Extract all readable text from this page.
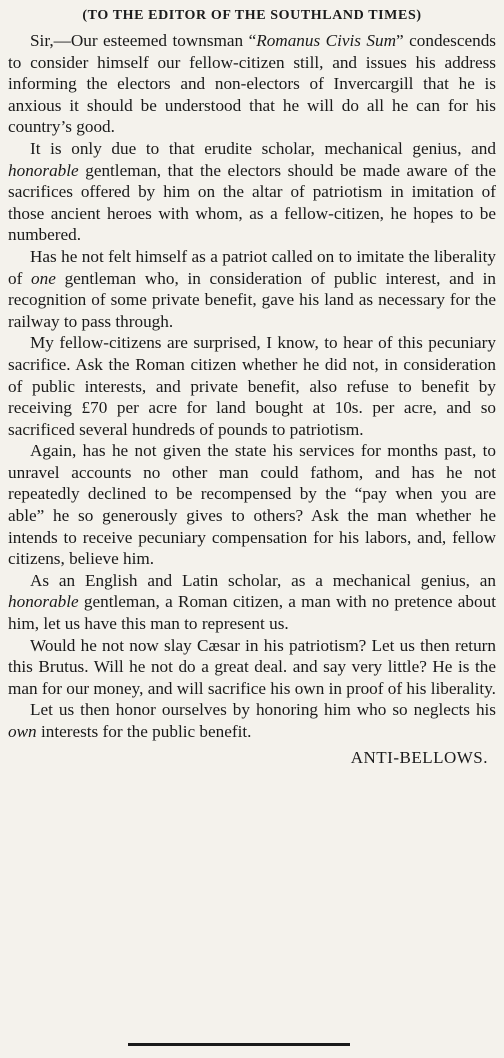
(TO THE EDITOR OF THE SOUTHLAND TIMES)

Sir,—Our esteemed townsman “Romanus Civis Sum” condescends to consider himself our fellow-citizen still, and issues his address informing the electors and non-electors of Invercargill that he is anxious it should be understood that he will do all he can for his country’s good.

It is only due to that erudite scholar, mechanical genius, and honorable gentleman, that the electors should be made aware of the sacrifices offered by him on the altar of patriotism in imitation of those ancient heroes with whom, as a fellow-citizen, he hopes to be numbered.

Has he not felt himself as a patriot called on to imitate the liberality of one gentleman who, in consideration of public interest, and in recognition of some private benefit, gave his land as necessary for the railway to pass through.

My fellow-citizens are surprised, I know, to hear of this pecuniary sacrifice. Ask the Roman citizen whether he did not, in consideration of public interests, and private benefit, also refuse to benefit by receiving £70 per acre for land bought at 10s. per acre, and so sacrificed several hundreds of pounds to patriotism.

Again, has he not given the state his services for months past, to unravel accounts no other man could fathom, and has he not repeatedly declined to be recompensed by the “pay when you are able” he so generously gives to others? Ask the man whether he intends to receive pecuniary compensation for his labors, and, fellow citizens, believe him.

As an English and Latin scholar, as a mechanical genius, an honorable gentleman, a Roman citizen, a man with no pretence about him, let us have this man to represent us.

Would he not now slay Cæsar in his patriotism? Let us then return this Brutus. Will he not do a great deal. and say very little? He is the man for our money, and will sacrifice his own in proof of his liberality.

Let us then honor ourselves by honoring him who so neglects his own interests for the public benefit.

ANTI-BELLOWS.
